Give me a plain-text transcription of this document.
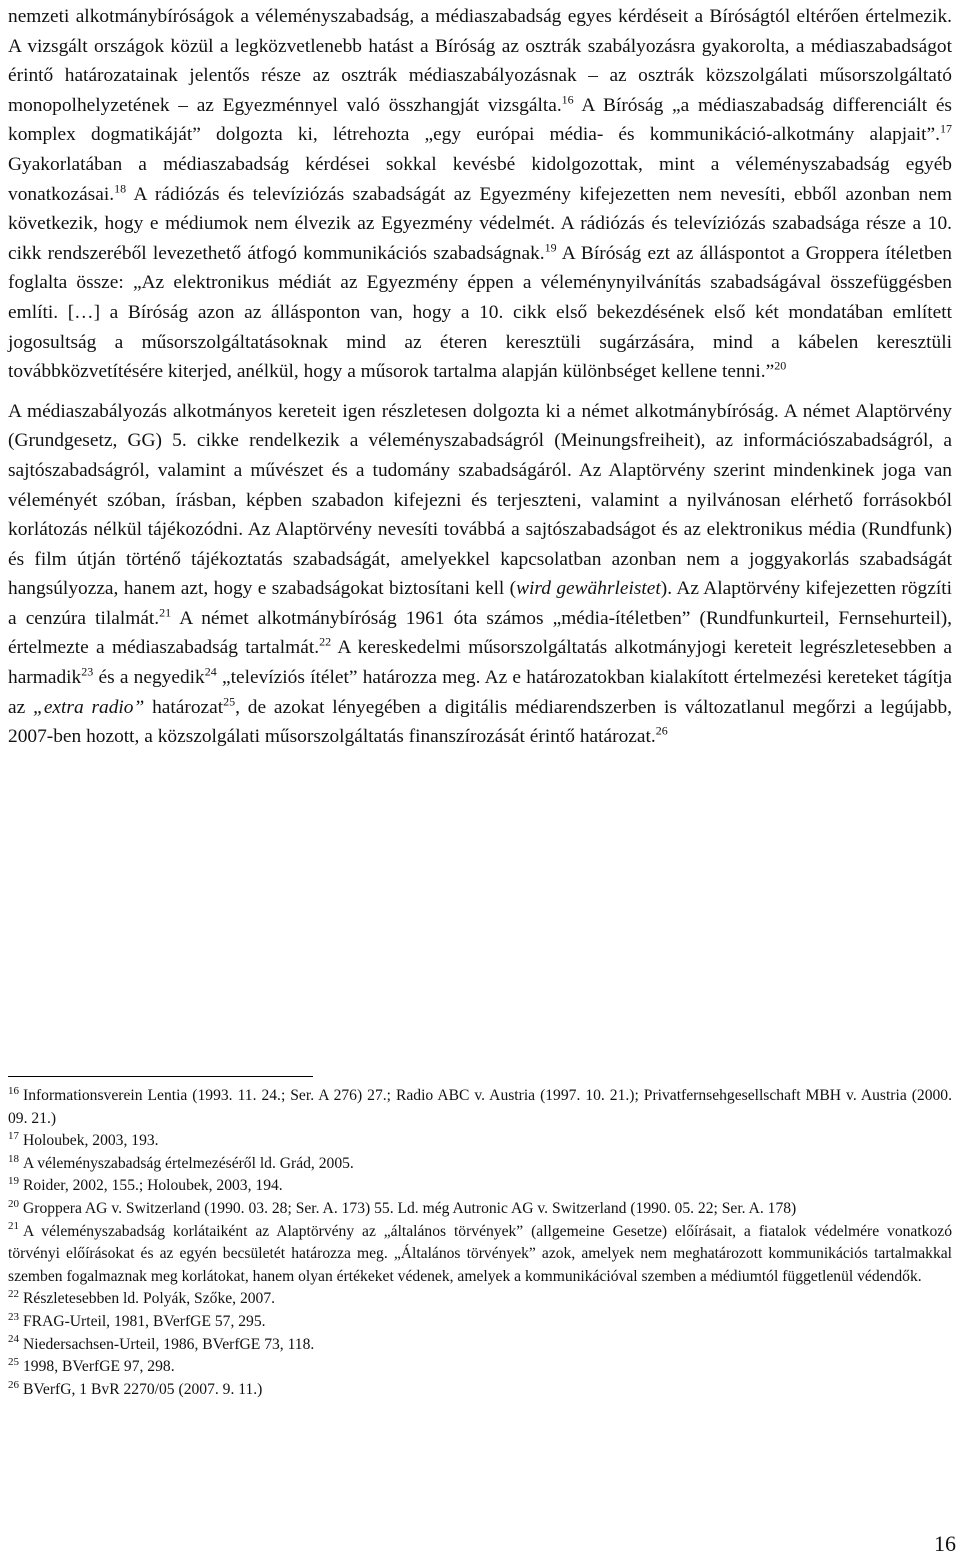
nemzeti alkotmánybíróságok a véleményszabadság, a médiaszabadság egyes kérdéseit a Bíróságtól eltérően értelmezik. A vizsgált országok közül a legközvetlenebb hatást a Bíróság az osztrák szabályozásra gyakorolta, a médiaszabadságot érintő határozatainak jelentős része az osztrák médiaszabályozásnak – az osztrák közszolgálati műsorszolgáltató monopolhelyzetének – az Egyezménnyel való összhangját vizsgálta.$^{16}$ A Bíróság „a médiaszabadság differenciált és komplex dogmatikáját” dolgozta ki, létrehozta „egy európai média- és kommunikáció-alkotmány alapjait”.$^{17}$ Gyakorlatában a médiaszabadság kérdései sokkal kevésbé kidolgozottak, mint a véleményszabadság egyéb vonatkozásai.$^{18}$ A rádiózás és televíziózás szabadságát az Egyezmény kifejezetten nem nevesíti, ebből azonban nem következik, hogy e médiumok nem élvezik az Egyezmény védelmét. A rádiózás és televíziózás szabadsága része a 10. cikk rendszeréből levezethető átfogó kommunikációs szabadságnak.$^{19}$ A Bíróság ezt az álláspontot a Groppera ítéletben foglalta össze: „Az elektronikus médiát az Egyezmény éppen a véleménynyilvánítás szabadságával összefüggésben említi. […] a Bíróság azon az állásponton van, hogy a 10. cikk első bekezdésének első két mondatában említett jogosultság a műsorszolgáltatásoknak mind az éteren keresztüli sugárzására, mind a kábelen keresztüli továbbközvetítésére kiterjed, anélkül, hogy a műsorok tartalma alapján különbséget kellene tenni.”$^{20}$

A médiaszabályozás alkotmányos kereteit igen részletesen dolgozta ki a német alkotmánybíróság. A német Alaptörvény (Grundgesetz, GG) 5. cikke rendelkezik a véleményszabadságról (Meinungsfreiheit), az információszabadságról, a sajtószabadságról, valamint a művészet és a tudomány szabadságáról. Az Alaptörvény szerint mindenkinek joga van véleményét szóban, írásban, képben szabadon kifejezni és terjeszteni, valamint a nyilvánosan elérhető forrásokból korlátozás nélkül tájékozódni. Az Alaptörvény nevesíti továbbá a sajtószabadságot és az elektronikus média (Rundfunk) és film útján történő tájékoztatás szabadságát, amelyekkel kapcsolatban azonban nem a joggyakorlás szabadságát hangsúlyozza, hanem azt, hogy e szabadságokat biztosítani kell (wird gewährleistet). Az Alaptörvény kifejezetten rögzíti a cenzúra tilalmát.$^{21}$ A német alkotmánybíróság 1961 óta számos „média-ítéletben” (Rundfunkurteil, Fernsehurteil), értelmezte a médiaszabadság tartalmát.$^{22}$ A kereskedelmi műsorszolgáltatás alkotmányjogi kereteit legrészletesebben a harmadik$^{23}$ és a negyedik$^{24}$ „televíziós ítélet” határozza meg. Az e határozatokban kialakított értelmezési kereteket tágítja az „extra radio” határozat$^{25}$, de azokat lényegében a digitális médiarendszerben is változatlanul megőrzi a legújabb, 2007-ben hozott, a közszolgálati műsorszolgáltatás finanszírozását érintő határozat.$^{26}$

$^{16}$ Informationsverein Lentia (1993. 11. 24.; Ser. A 276) 27.; Radio ABC v. Austria (1997. 10. 21.); Privatfernsehgesellschaft MBH v. Austria (2000. 09. 21.)

$^{17}$ Holoubek, 2003, 193.

$^{18}$ A véleményszabadság értelmezéséről ld. Grád, 2005.

$^{19}$ Roider, 2002, 155.; Holoubek, 2003, 194.

$^{20}$ Groppera AG v. Switzerland (1990. 03. 28; Ser. A. 173) 55. Ld. még Autronic AG v. Switzerland (1990. 05. 22; Ser. A. 178)

$^{21}$ A véleményszabadság korlátaiként az Alaptörvény az „általános törvények” (allgemeine Gesetze) előírásait, a fiatalok védelmére vonatkozó törvényi előírásokat és az egyén becsületét határozza meg. „Általános törvények” azok, amelyek nem meghatározott kommunikációs tartalmakkal szemben fogalmaznak meg korlátokat, hanem olyan értékeket védenek, amelyek a kommunikációval szemben a médiumtól függetlenül védendők.

$^{22}$ Részletesebben ld. Polyák, Szőke, 2007.

$^{23}$ FRAG-Urteil, 1981, BVerfGE 57, 295.

$^{24}$ Niedersachsen-Urteil, 1986, BVerfGE 73, 118.

$^{25}$ 1998, BVerfGE 97, 298.

$^{26}$ BVerfG, 1 BvR 2270/05 (2007. 9. 11.)

16
